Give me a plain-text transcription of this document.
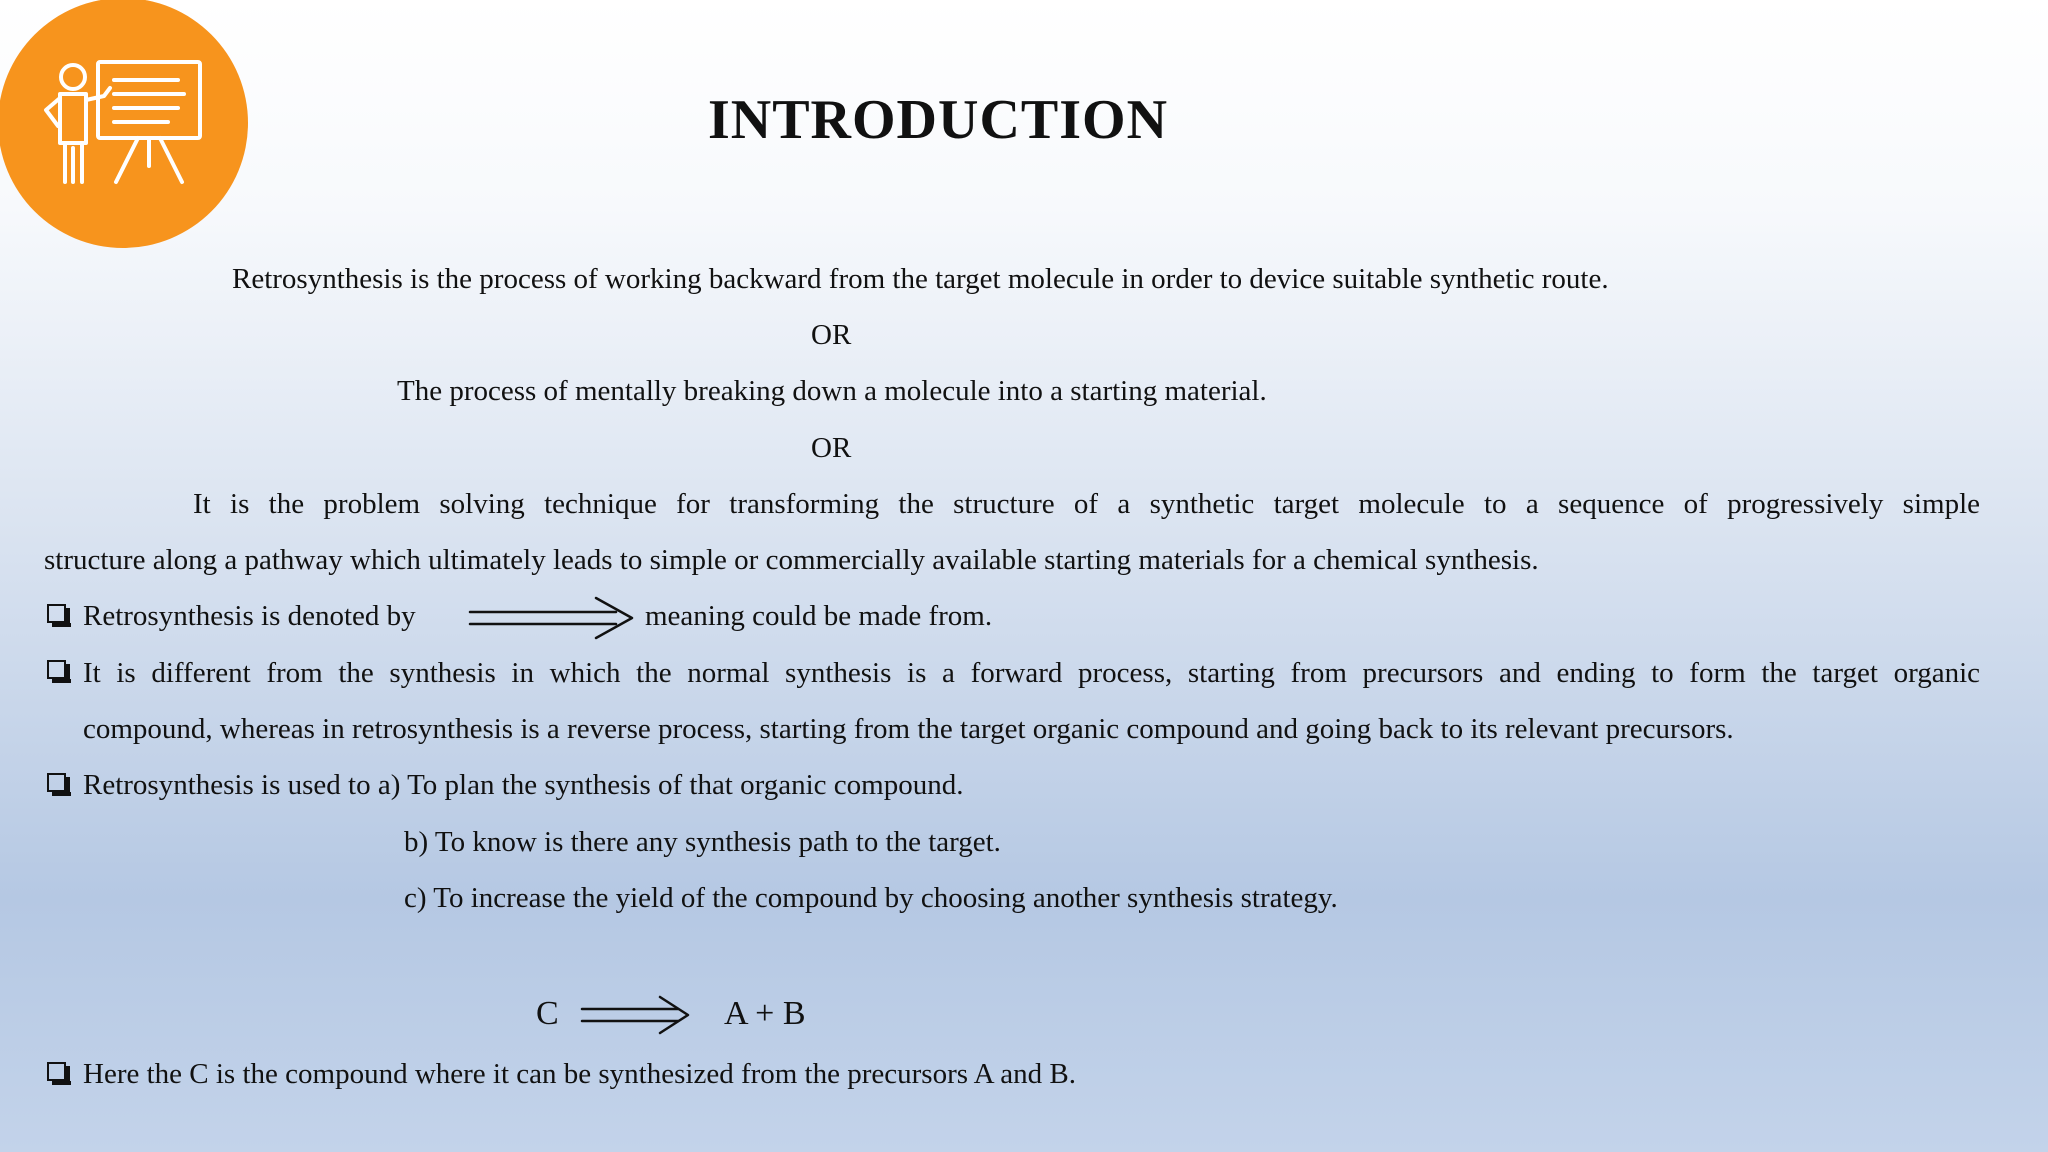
INTRODUCTION
Retrosynthesis is the process of working backward from the target molecule in order to device suitable synthetic route.
OR
The process of mentally breaking down a molecule into a starting material.
OR
It is the problem solving technique for transforming the structure of a synthetic target molecule to a sequence of progressively simple
structure along a pathway which ultimately leads to simple or commercially available starting materials for a chemical synthesis.
Retrosynthesis is denoted by	meaning could be made from.
It is different from the synthesis in which the normal synthesis is a forward process, starting from precursors and ending to form the target organic
compound, whereas in retrosynthesis is a reverse process, starting from the target organic compound and going back to its relevant precursors.
Retrosynthesis is used to a) To plan the synthesis of that organic compound.
b) To know is there any synthesis path to the target.
c) To increase the yield of the compound by choosing another synthesis strategy.
C	A + B
Here the C is the compound where it can be synthesized from the precursors A and B.
